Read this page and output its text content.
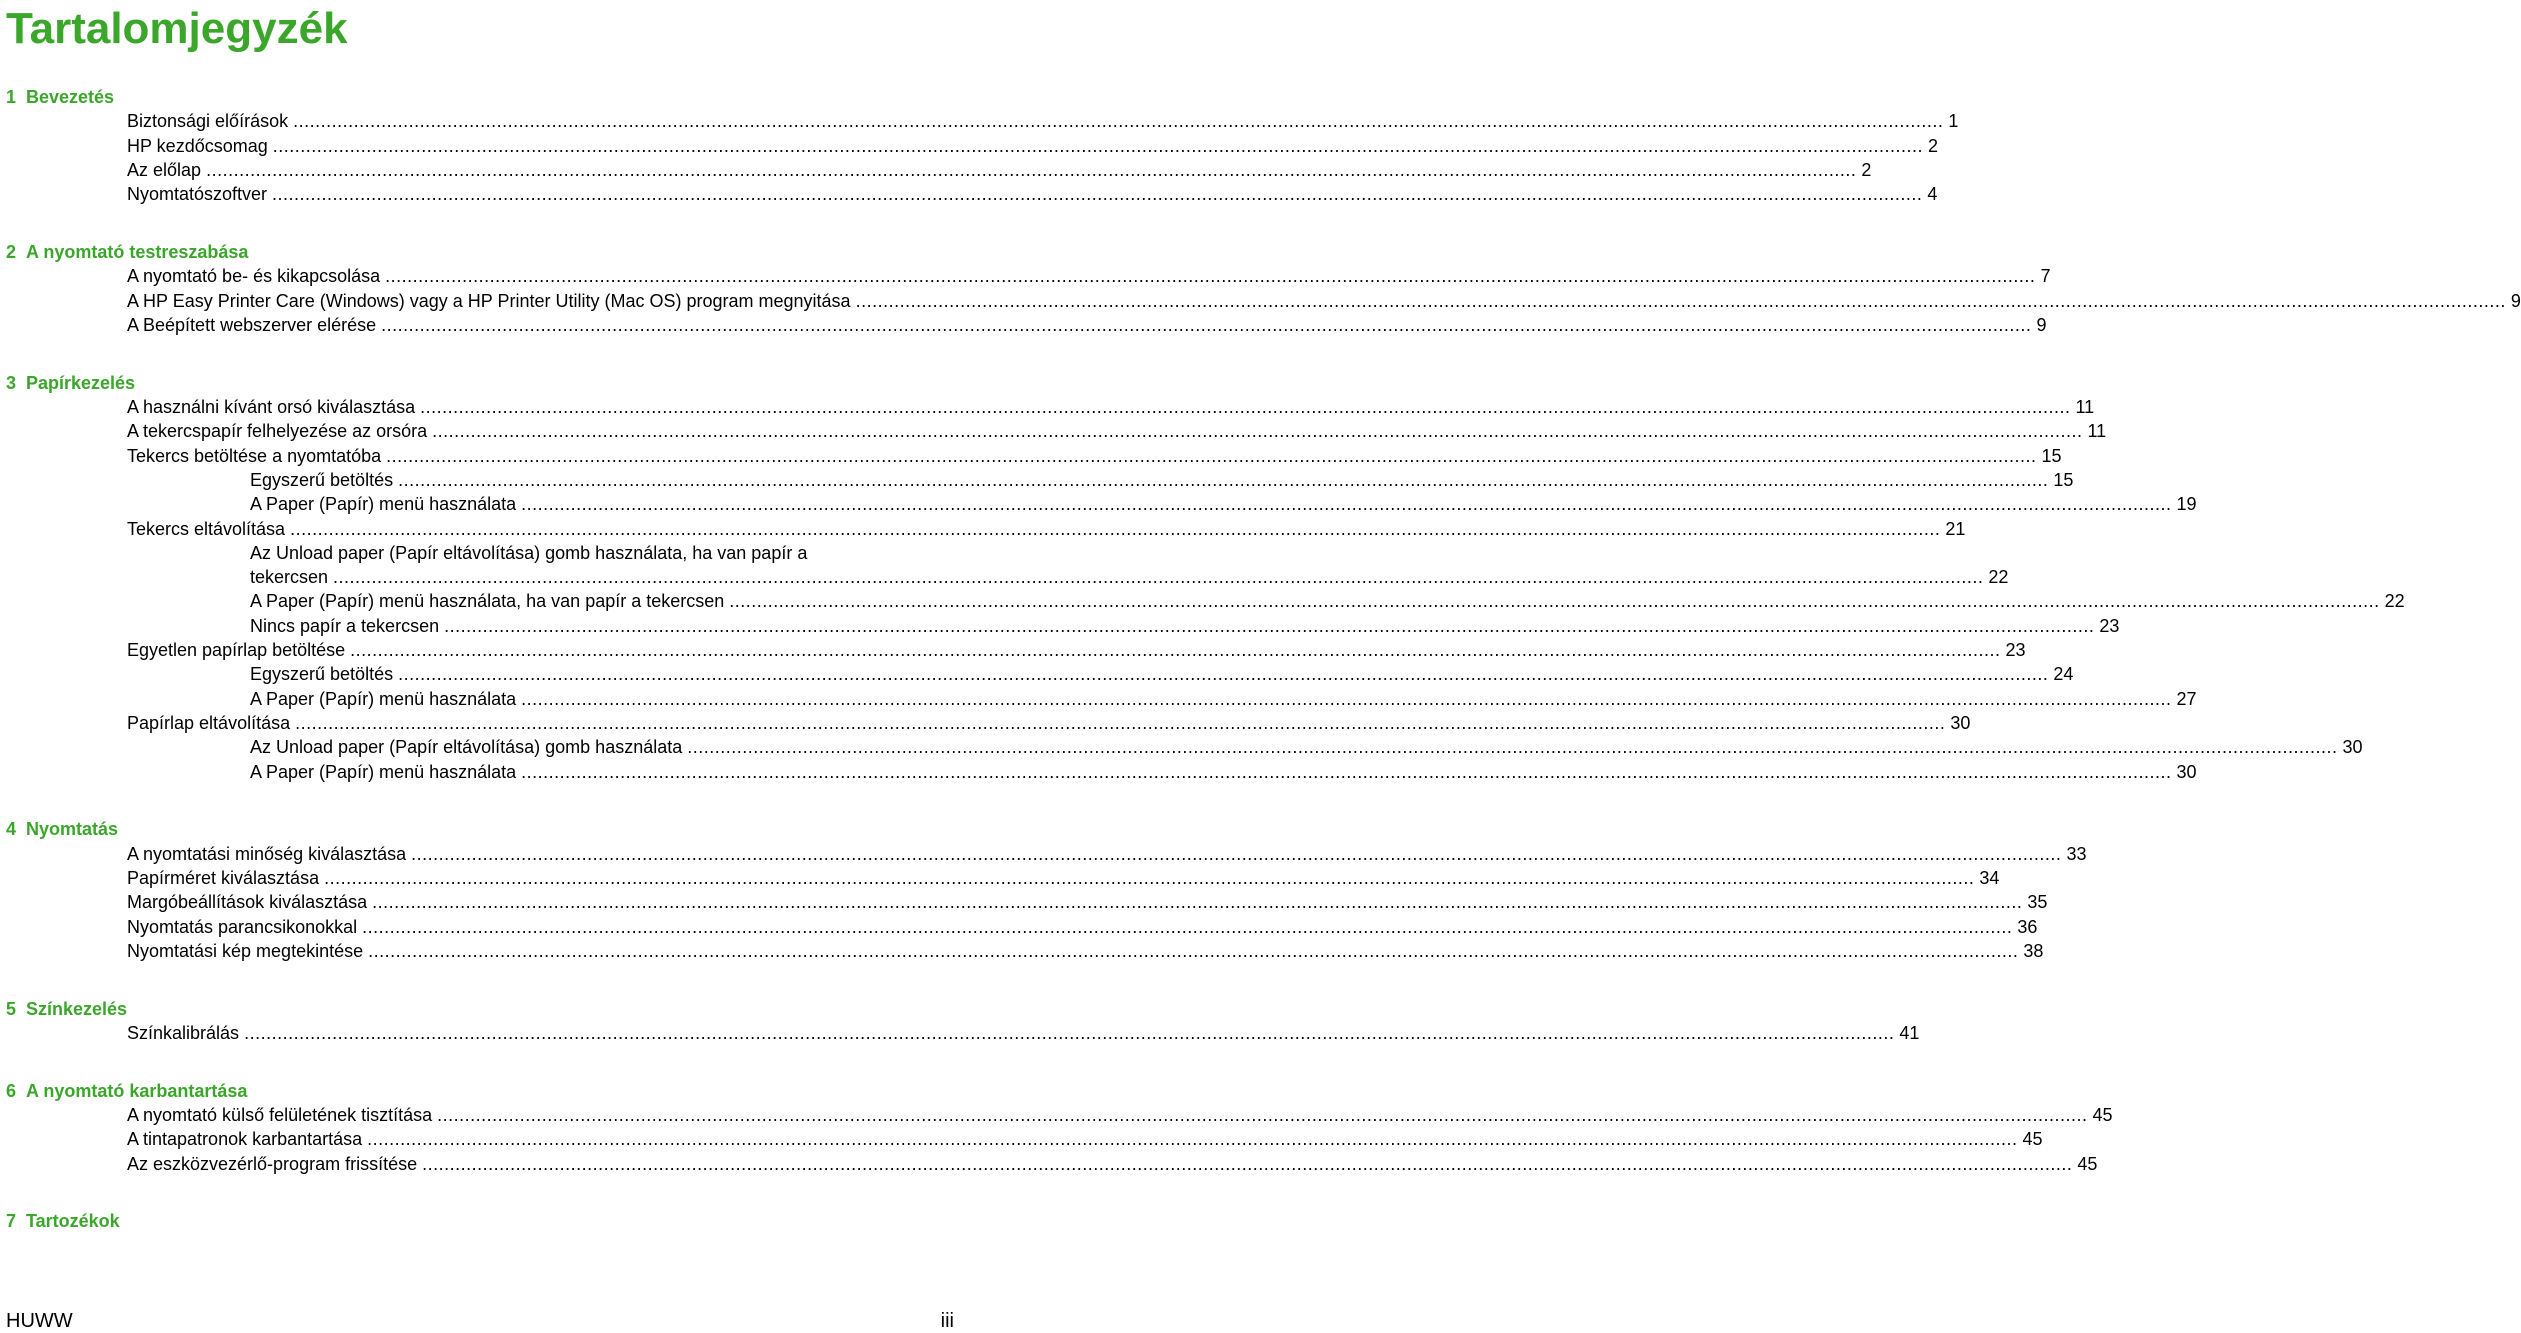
Tartalomjegyzék
1 Bevezetés
Biztonsági előírások ............................................................................................................................................................................................................................................................................................................ 1
HP kezdőcsomag ............................................................................................................................................................................................................................................................................................................ 2
Az előlap ............................................................................................................................................................................................................................................................................................................ 2
Nyomtatószoftver ............................................................................................................................................................................................................................................................................................................ 4
2 A nyomtató testreszabása
A nyomtató be- és kikapcsolása ............................................................................................................................................................................................................................................................................................................ 7
A HP Easy Printer Care (Windows) vagy a HP Printer Utility (Mac OS) program megnyitása ............................................................................................................................................................................................................................................................................................................ 9
A Beépített webszerver elérése ............................................................................................................................................................................................................................................................................................................ 9
3 Papírkezelés
A használni kívánt orsó kiválasztása ............................................................................................................................................................................................................................................................................................................ 11
A tekercspapír felhelyezése az orsóra ............................................................................................................................................................................................................................................................................................................ 11
Tekercs betöltése a nyomtatóba ............................................................................................................................................................................................................................................................................................................ 15
Egyszerű betöltés ............................................................................................................................................................................................................................................................................................................ 15
A Paper (Papír) menü használata ............................................................................................................................................................................................................................................................................................................ 19
Tekercs eltávolítása ............................................................................................................................................................................................................................................................................................................ 21
Az Unload paper (Papír eltávolítása) gomb használata, ha van papír a
tekercsen ............................................................................................................................................................................................................................................................................................................ 22
A Paper (Papír) menü használata, ha van papír a tekercsen ............................................................................................................................................................................................................................................................................................................ 22
Nincs papír a tekercsen ............................................................................................................................................................................................................................................................................................................ 23
Egyetlen papírlap betöltése ............................................................................................................................................................................................................................................................................................................ 23
Egyszerű betöltés ............................................................................................................................................................................................................................................................................................................ 24
A Paper (Papír) menü használata ............................................................................................................................................................................................................................................................................................................ 27
Papírlap eltávolítása ............................................................................................................................................................................................................................................................................................................ 30
Az Unload paper (Papír eltávolítása) gomb használata ............................................................................................................................................................................................................................................................................................................ 30
A Paper (Papír) menü használata ............................................................................................................................................................................................................................................................................................................ 30
4 Nyomtatás
A nyomtatási minőség kiválasztása ............................................................................................................................................................................................................................................................................................................ 33
Papírméret kiválasztása ............................................................................................................................................................................................................................................................................................................ 34
Margóbeállítások kiválasztása ............................................................................................................................................................................................................................................................................................................ 35
Nyomtatás parancsikonokkal ............................................................................................................................................................................................................................................................................................................ 36
Nyomtatási kép megtekintése ............................................................................................................................................................................................................................................................................................................ 38
5 Színkezelés
Színkalibrálás ............................................................................................................................................................................................................................................................................................................ 41
6 A nyomtató karbantartása
A nyomtató külső felületének tisztítása ............................................................................................................................................................................................................................................................................................................ 45
A tintapatronok karbantartása ............................................................................................................................................................................................................................................................................................................ 45
Az eszközvezérlő-program frissítése ............................................................................................................................................................................................................................................................................................................ 45
7 Tartozékok
HUWW	iii
